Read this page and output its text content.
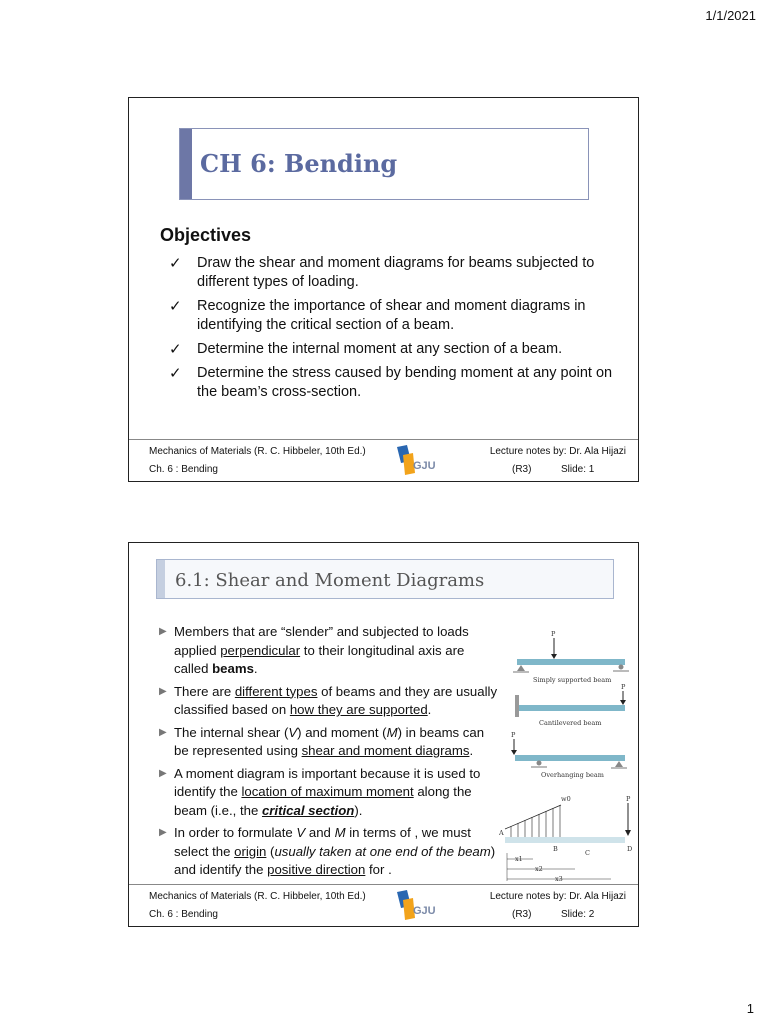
1/1/2021
CH 6: Bending
Objectives
✓ Draw the shear and moment diagrams for beams subjected to different types of loading.
✓ Recognize the importance of shear and moment diagrams in identifying the critical section of a beam.
✓ Determine the internal moment at any section of a beam.
✓ Determine the stress caused by bending moment at any point on the beam’s cross-section.
Mechanics of Materials (R. C. Hibbeler, 10th Ed.)
Ch. 6 : Bending	GJU
Lecture notes by: Dr. Ala Hijazi
(R3)	Slide: 1
6.1: Shear and Moment Diagrams
▶ Members that are “slender” and subjected to loads applied perpendicular to their longitudinal axis are called beams.
▶ There are different types of beams and they are usually classified based on how they are supported.
▶ The internal shear (V) and moment (M) in beams can be represented using shear and moment diagrams.
▶ A moment diagram is important because it is used to identify the location of maximum moment along the beam (i.e., the critical section).
▶ In order to formulate V and M in terms of , we must select the origin (usually taken at one end of the beam) and identify the positive direction for .
P
Simply supported beam
P
Cantilevered beam
P
Overhanging beam
w0	P
A
B	C	D
x1
x2
x3
Mechanics of Materials (R. C. Hibbeler, 10th Ed.)
Ch. 6 : Bending	GJU
Lecture notes by: Dr. Ala Hijazi
(R3)	Slide: 2
1
